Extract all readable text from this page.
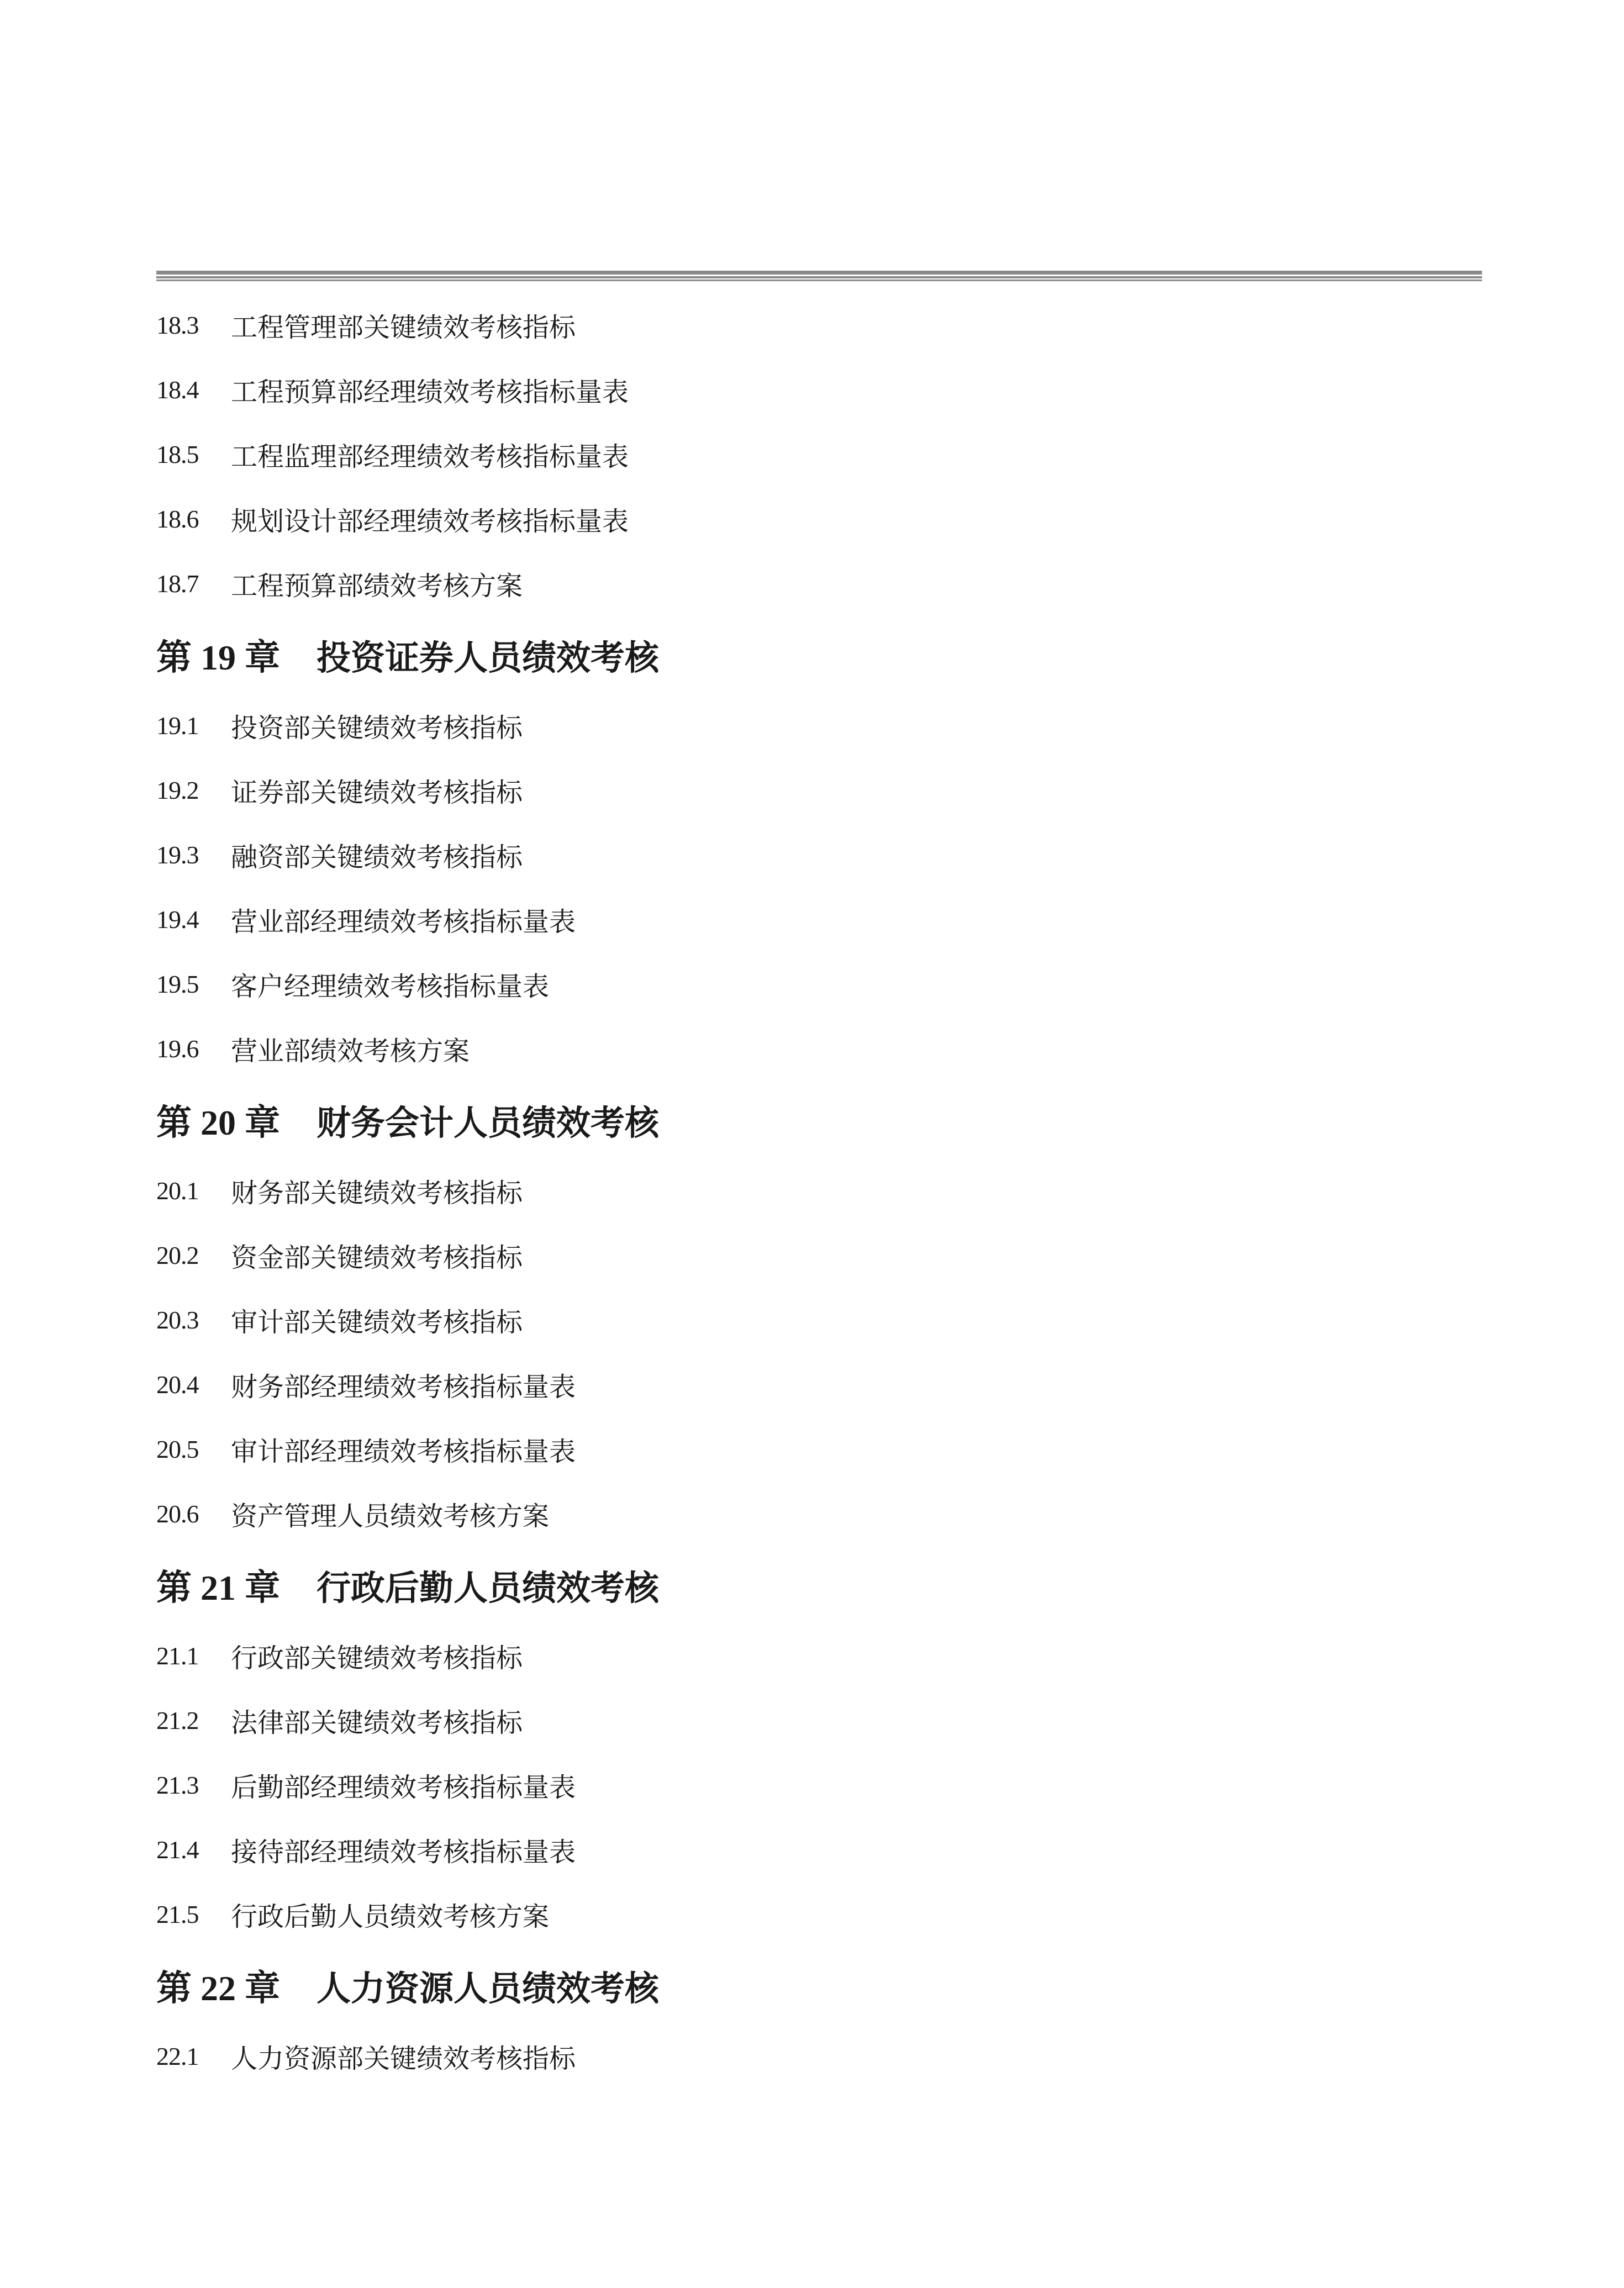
18.3	工程管理部关键绩效考核指标
18.4	工程预算部经理绩效考核指标量表
18.5	工程监理部经理绩效考核指标量表
18.6	规划设计部经理绩效考核指标量表
18.7	工程预算部绩效考核方案
第 19 章 投资证券人员绩效考核
19.1	投资部关键绩效考核指标
19.2	证券部关键绩效考核指标
19.3	融资部关键绩效考核指标
19.4	营业部经理绩效考核指标量表
19.5	客户经理绩效考核指标量表
19.6	营业部绩效考核方案
第 20 章 财务会计人员绩效考核
20.1	财务部关键绩效考核指标
20.2	资金部关键绩效考核指标
20.3	审计部关键绩效考核指标
20.4	财务部经理绩效考核指标量表
20.5	审计部经理绩效考核指标量表
20.6	资产管理人员绩效考核方案
第 21 章 行政后勤人员绩效考核
21.1	行政部关键绩效考核指标
21.2	法律部关键绩效考核指标
21.3	后勤部经理绩效考核指标量表
21.4	接待部经理绩效考核指标量表
21.5	行政后勤人员绩效考核方案
第 22 章 人力资源人员绩效考核
22.1	人力资源部关键绩效考核指标
